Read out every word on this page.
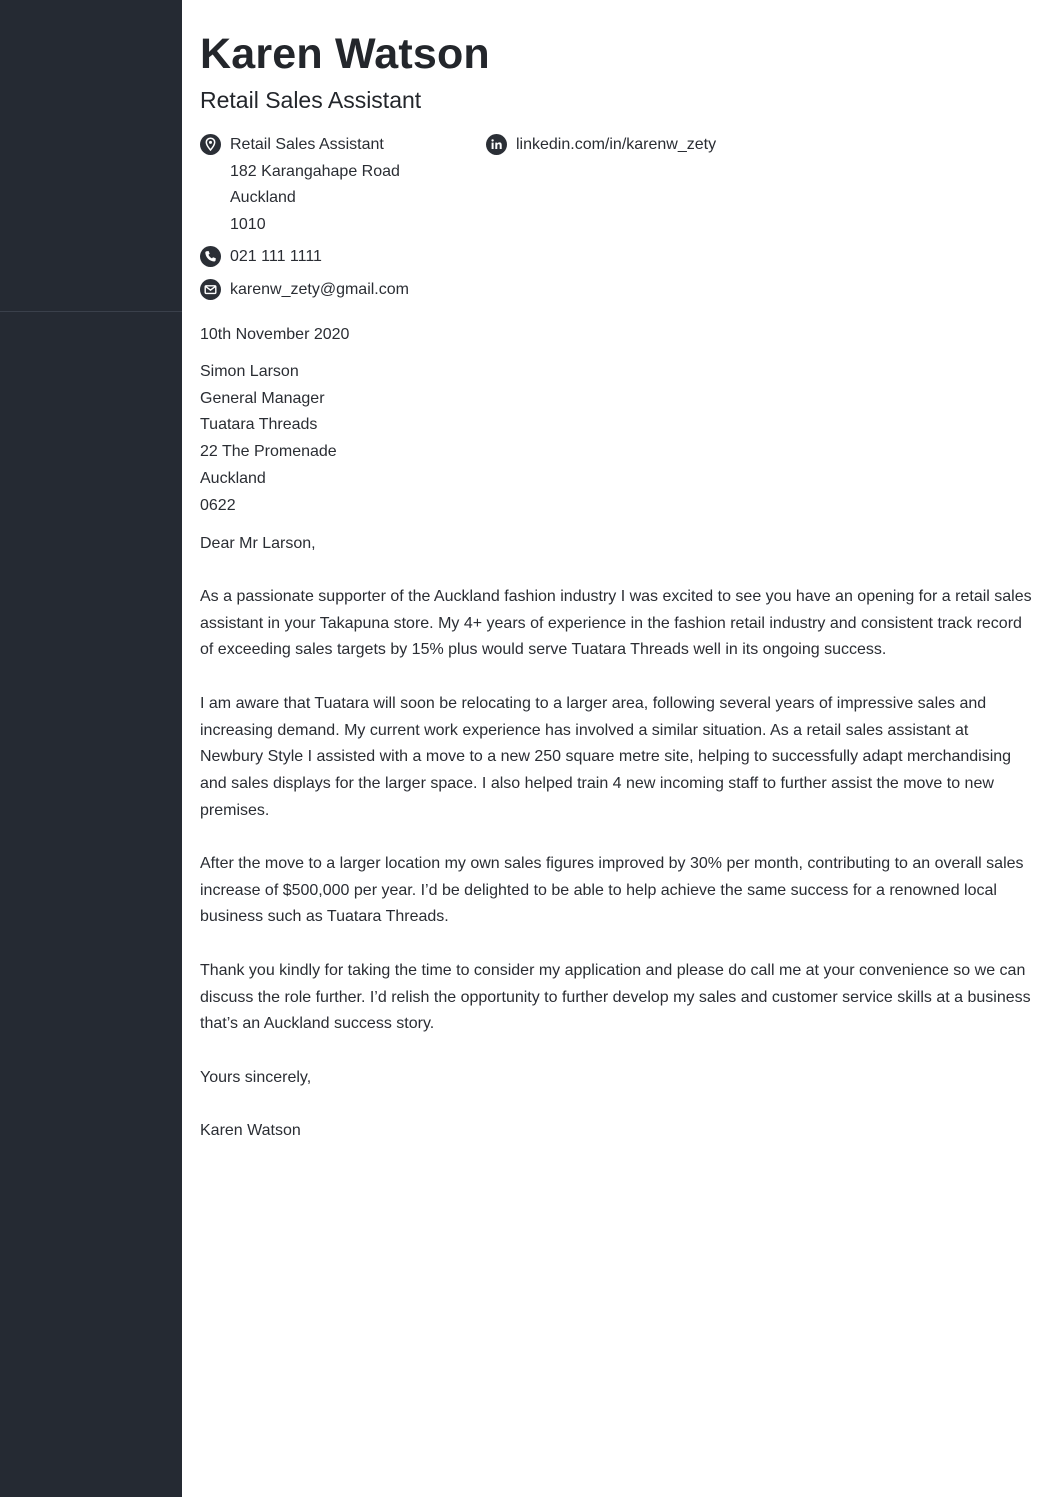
Karen Watson
Retail Sales Assistant
Retail Sales Assistant
182 Karangahape Road
Auckland
1010
021 111 1111
karenw_zety@gmail.com
linkedin.com/in/karenw_zety
10th November 2020
Simon Larson
General Manager
Tuatara Threads
22 The Promenade
Auckland
0622
Dear Mr Larson,

As a passionate supporter of the Auckland fashion industry I was excited to see you have an opening for a retail sales assistant in your Takapuna store. My 4+ years of experience in the fashion retail industry and consistent track record of exceeding sales targets by 15% plus would serve Tuatara Threads well in its ongoing success.

I am aware that Tuatara will soon be relocating to a larger area, following several years of impressive sales and increasing demand. My current work experience has involved a similar situation. As a retail sales assistant at Newbury Style I assisted with a move to a new 250 square metre site, helping to successfully adapt merchandising and sales displays for the larger space. I also helped train 4 new incoming staff to further assist the move to new premises.

After the move to a larger location my own sales figures improved by 30% per month, contributing to an overall sales increase of $500,000 per year. I’d be delighted to be able to help achieve the same success for a renowned local business such as Tuatara Threads.

Thank you kindly for taking the time to consider my application and please do call me at your convenience so we can discuss the role further. I’d relish the opportunity to further develop my sales and customer service skills at a business that’s an Auckland success story.

Yours sincerely,
Karen Watson
